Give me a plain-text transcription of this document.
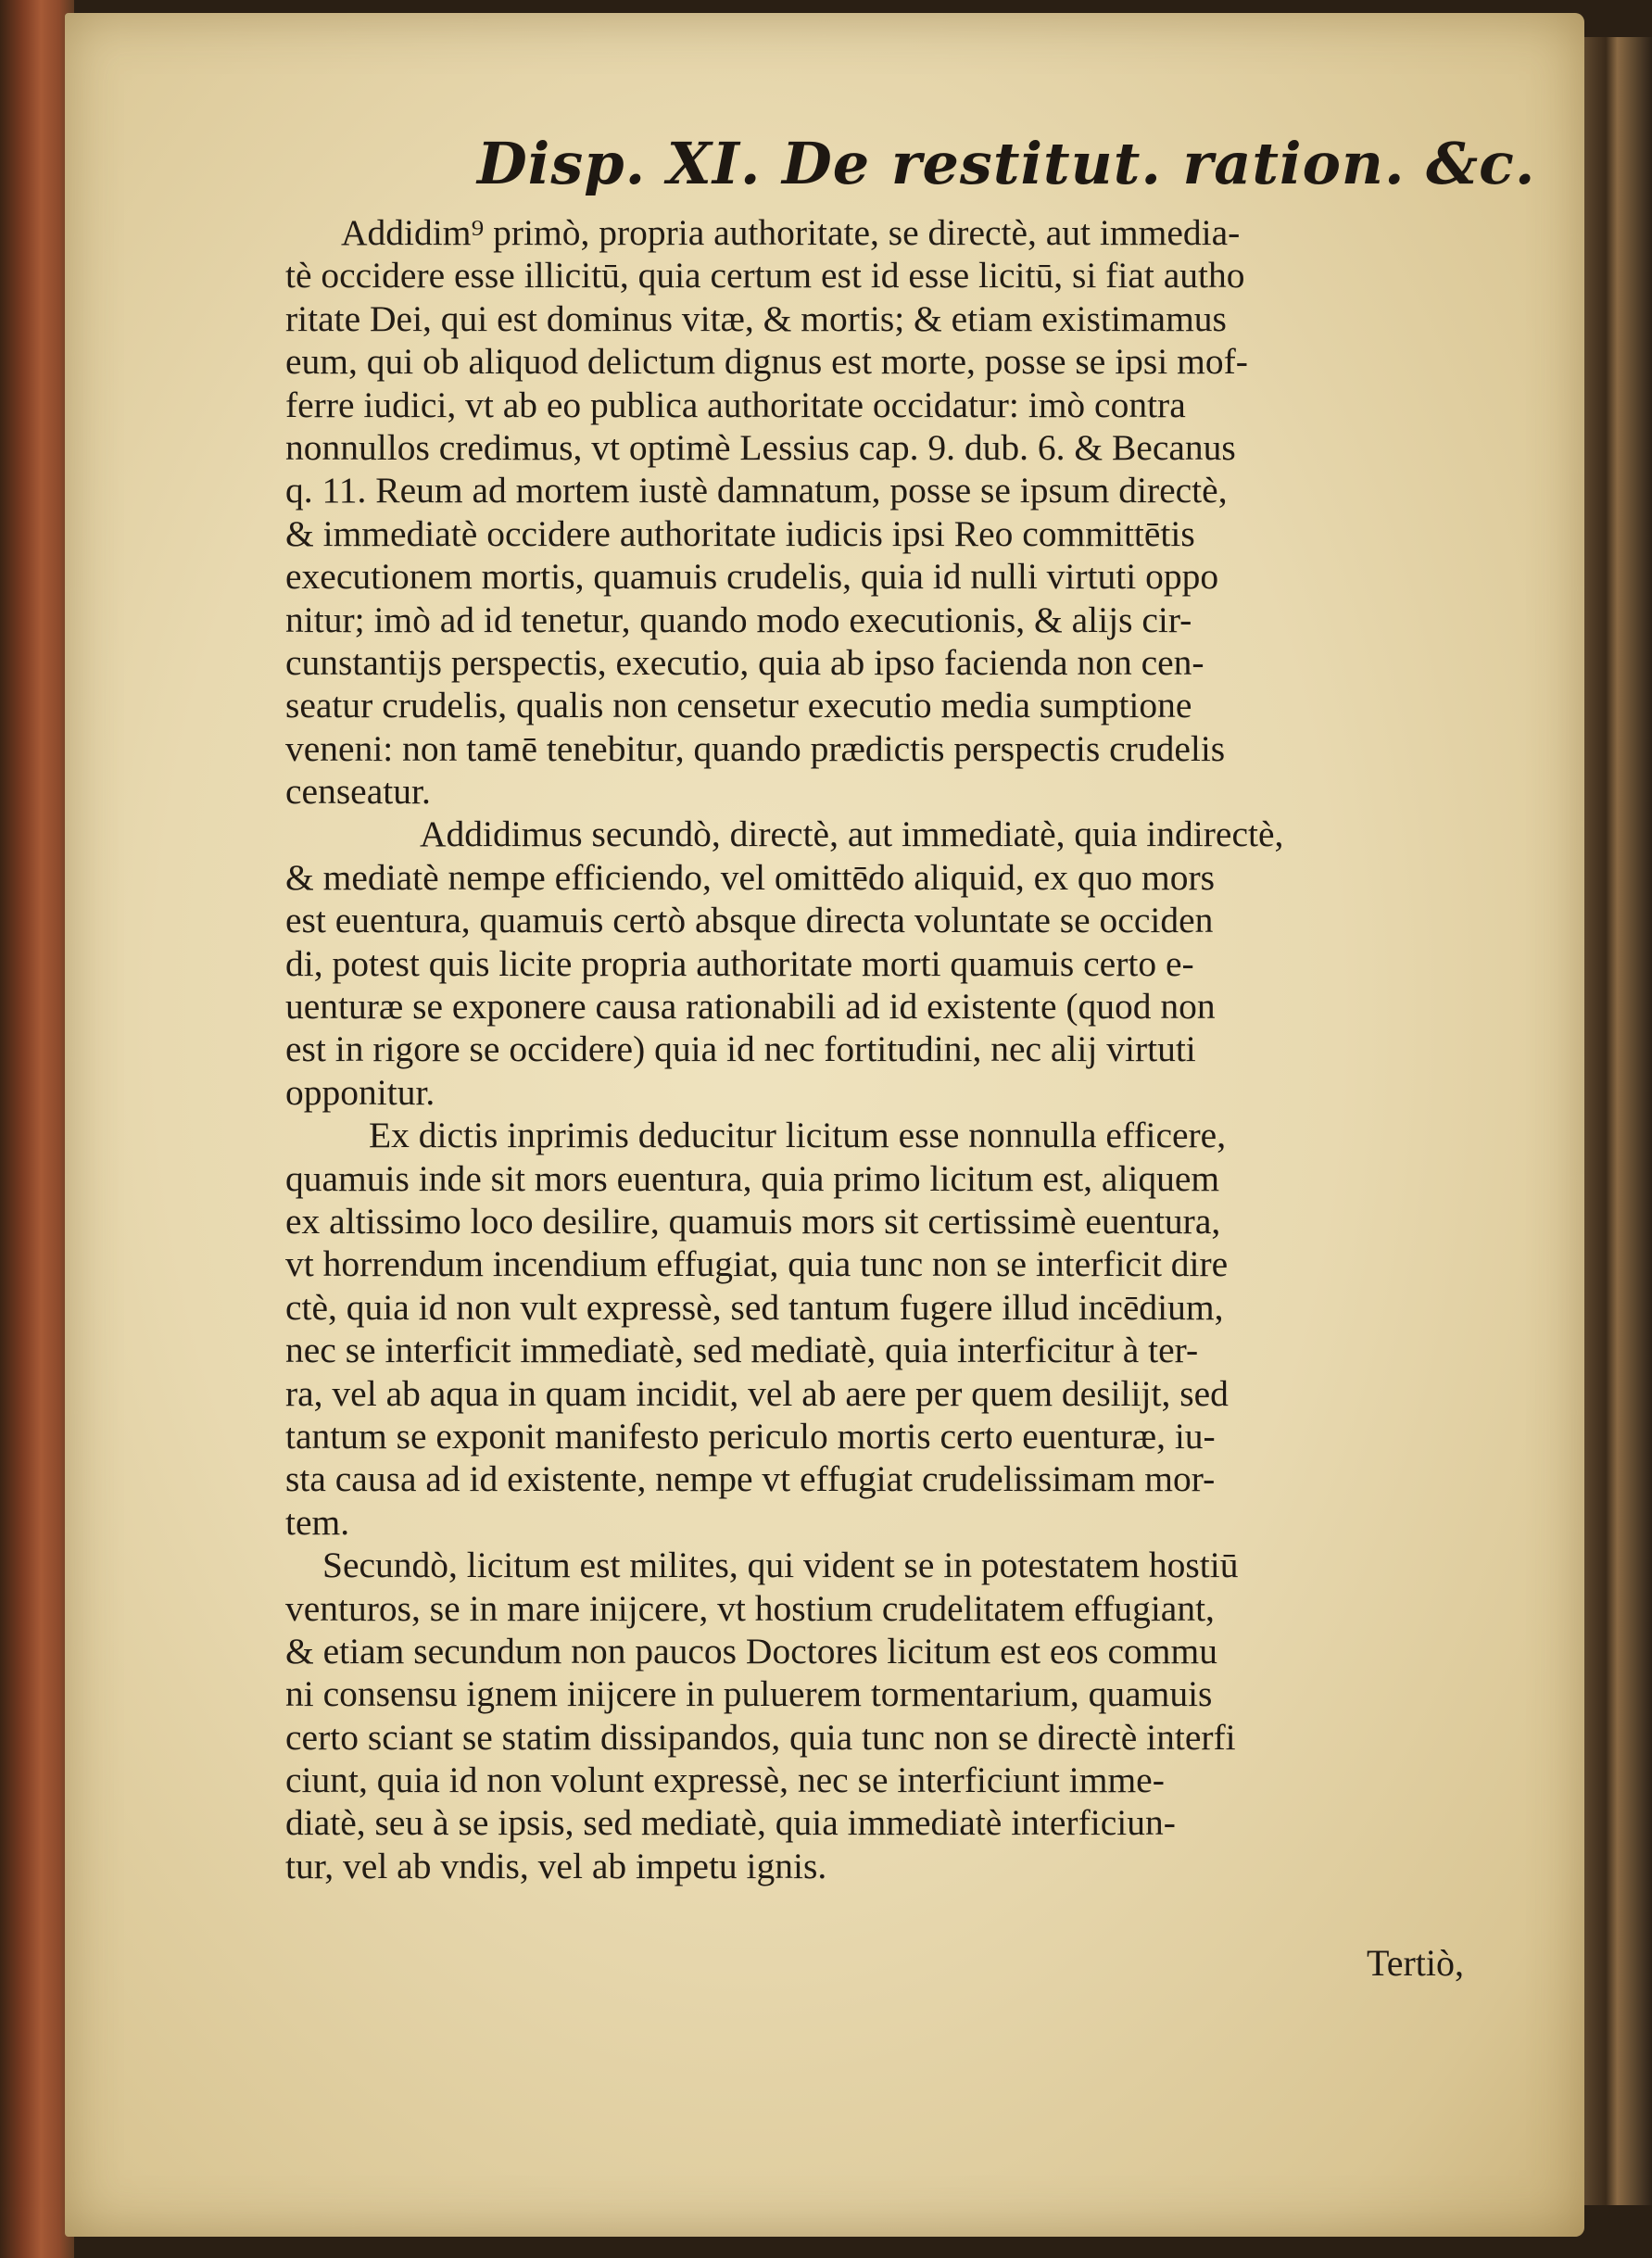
Disp. XI. De restitut. ration. &c.
Addidim⁹ primò, propria authoritate, se directè, aut immedia-
tè occidere esse illicitū, quia certum est id esse licitū, si fiat autho
ritate Dei, qui est dominus vitæ, & mortis; & etiam existimamus
eum, qui ob aliquod delictum dignus est morte, posse se ipsi mof-
ferre iudici, vt ab eo publica authoritate occidatur: imò contra
nonnullos credimus, vt optimè Lessius cap. 9. dub. 6. & Becanus
q. 11. Reum ad mortem iustè damnatum, posse se ipsum directè,
& immediatè occidere authoritate iudicis ipsi Reo committētis
executionem mortis, quamuis crudelis, quia id nulli virtuti oppo
nitur; imò ad id tenetur, quando modo executionis, & alijs cir-
cunstantijs perspectis, executio, quia ab ipso facienda non cen-
seatur crudelis, qualis non censetur executio media sumptione
veneni: non tamē tenebitur, quando prædictis perspectis crudelis
censeatur.
Addidimus secundò, directè, aut immediatè, quia indirectè,
& mediatè nempe efficiendo, vel omittēdo aliquid, ex quo mors
est euentura, quamuis certò absque directa voluntate se occiden
di, potest quis licite propria authoritate morti quamuis certo e-
uenturæ se exponere causa rationabili ad id existente (quod non
est in rigore se occidere) quia id nec fortitudini, nec alij virtuti
opponitur.
Ex dictis inprimis deducitur licitum esse nonnulla efficere,
quamuis inde sit mors euentura, quia primo licitum est, aliquem
ex altissimo loco desilire, quamuis mors sit certissimè euentura,
vt horrendum incendium effugiat, quia tunc non se interficit dire
ctè, quia id non vult expressè, sed tantum fugere illud incēdium,
nec se interficit immediatè, sed mediatè, quia interficitur à ter-
ra, vel ab aqua in quam incidit, vel ab aere per quem desilijt, sed
tantum se exponit manifesto periculo mortis certo euenturæ, iu-
sta causa ad id existente, nempe vt effugiat crudelissimam mor-
tem.
Secundò, licitum est milites, qui vident se in potestatem hostiū
venturos, se in mare inijcere, vt hostium crudelitatem effugiant,
& etiam secundum non paucos Doctores licitum est eos commu
ni consensu ignem inijcere in puluerem tormentarium, quamuis
certo sciant se statim dissipandos, quia tunc non se directè interfi
ciunt, quia id non volunt expressè, nec se interficiunt imme-
diatè, seu à se ipsis, sed mediatè, quia immediatè interficiun-
tur, vel ab vndis, vel ab impetu ignis.
Tertiò,
